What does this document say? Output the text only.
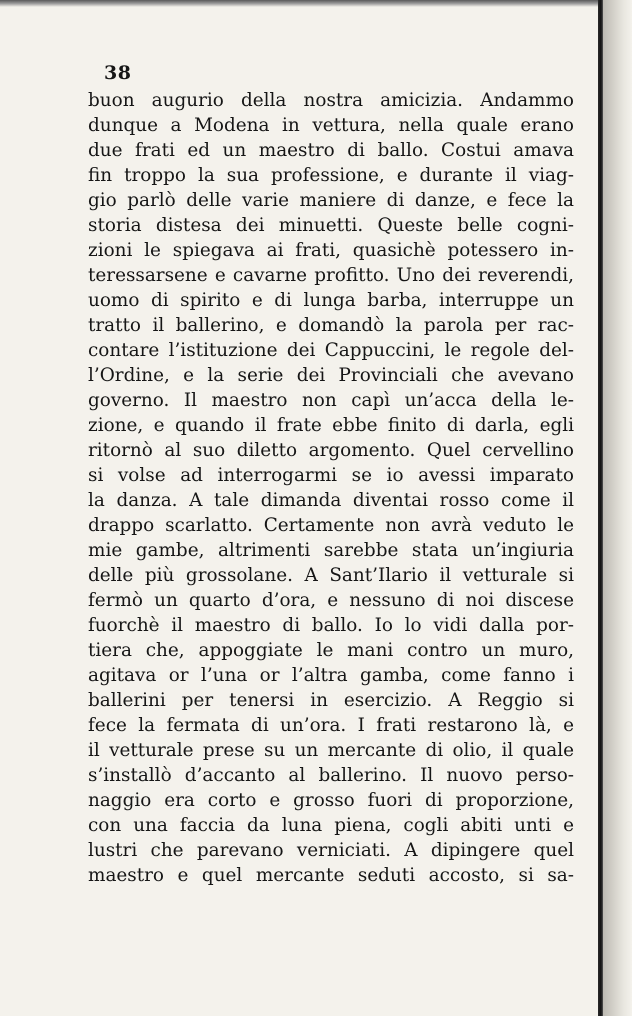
38
buon augurio della nostra amicizia. Andammo
dunque a Modena in vettura, nella quale erano
due frati ed un maestro di ballo. Costui amava
fin troppo la sua professione, e durante il viag-
gio parlò delle varie maniere di danze, e fece la
storia distesa dei minuetti. Queste belle cogni-
zioni le spiegava ai frati, quasichè potessero in-
teressarsene e cavarne profitto. Uno dei reverendi,
uomo di spirito e di lunga barba, interruppe un
tratto il ballerino, e domandò la parola per rac-
contare l’istituzione dei Cappuccini, le regole del-
l’Ordine, e la serie dei Provinciali che avevano
governo. Il maestro non capì un’acca della le-
zione, e quando il frate ebbe finito di darla, egli
ritornò al suo diletto argomento. Quel cervellino
si volse ad interrogarmi se io avessi imparato
la danza. A tale dimanda diventai rosso come il
drappo scarlatto. Certamente non avrà veduto le
mie gambe, altrimenti sarebbe stata un’ingiuria
delle più grossolane. A Sant’Ilario il vetturale si
fermò un quarto d’ora, e nessuno di noi discese
fuorchè il maestro di ballo. Io lo vidi dalla por-
tiera che, appoggiate le mani contro un muro,
agitava or l’una or l’altra gamba, come fanno i
ballerini per tenersi in esercizio. A Reggio si
fece la fermata di un’ora. I frati restarono là, e
il vetturale prese su un mercante di olio, il quale
s’installò d’accanto al ballerino. Il nuovo perso-
naggio era corto e grosso fuori di proporzione,
con una faccia da luna piena, cogli abiti unti e
lustri che parevano verniciati. A dipingere quel
maestro e quel mercante seduti accosto, si sa-
